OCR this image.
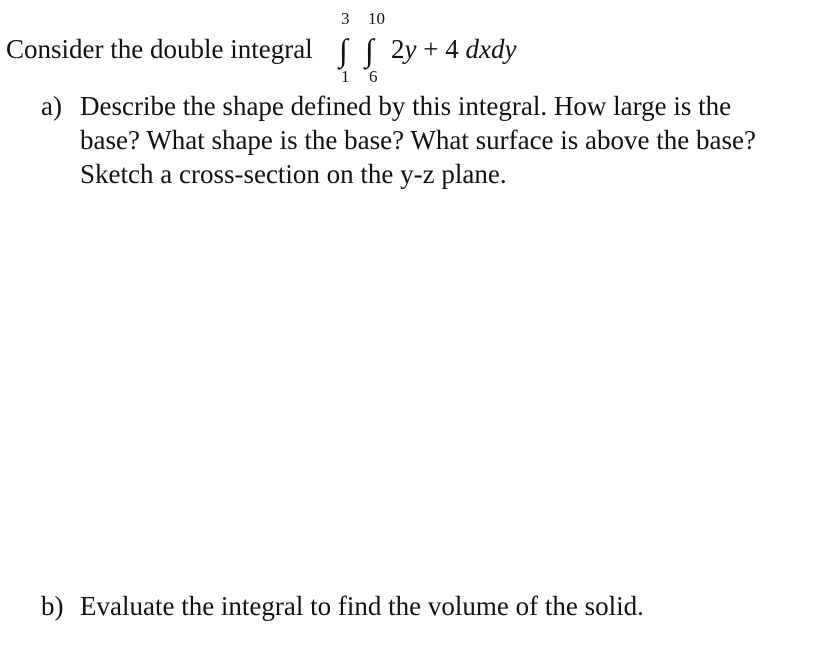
Consider the double integral
3 10
∫ ∫
1 6
2y + 4 dxdy
a) Describe the shape defined by this integral. How large is the
base? What shape is the base? What surface is above the base?
Sketch a cross-section on the y-z plane.
b) Evaluate the integral to find the volume of the solid.
